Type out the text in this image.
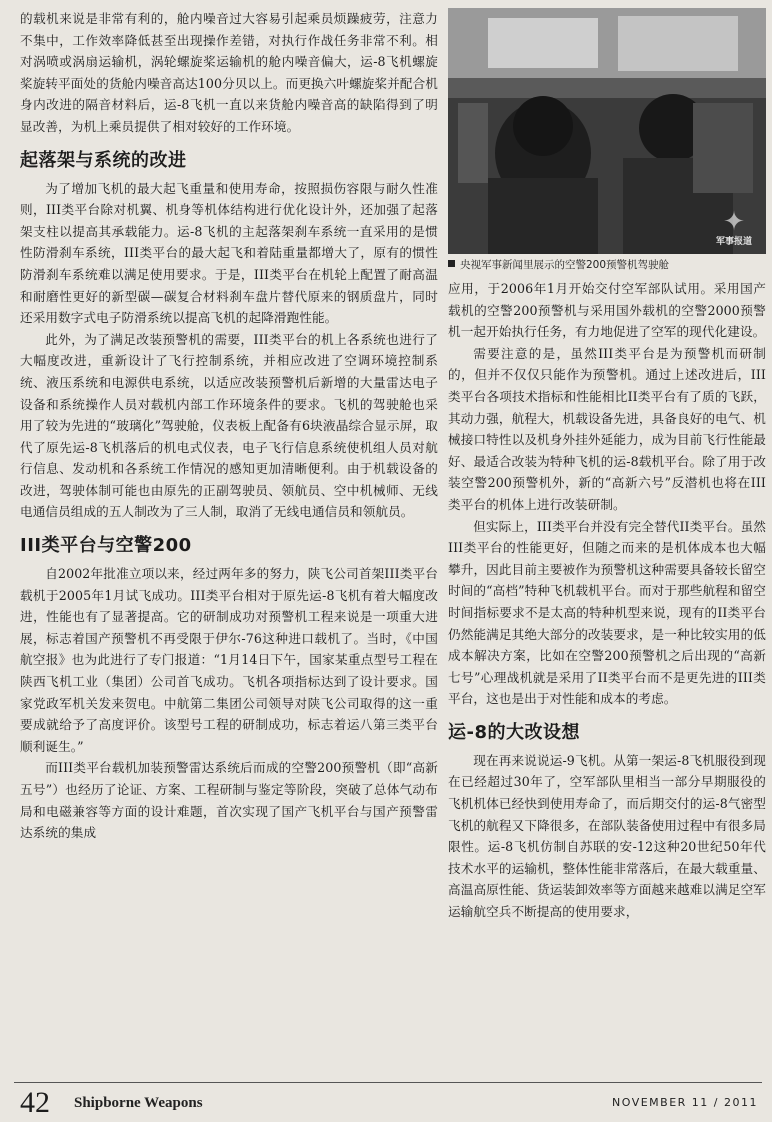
的载机来说是非常有利的，舱内噪音过大容易引起乘员烦躁疲劳，注意力不集中，工作效率降低甚至出现操作差错，对执行作战任务非常不利。相对涡喷或涡扇运输机，涡轮螺旋桨运输机的舱内噪音偏大，运-8飞机螺旋桨旋转平面处的货舱内噪音高达100分贝以上。而更换六叶螺旋桨并配合机身内改进的隔音材料后，运-8飞机一直以来货舱内噪音高的缺陷得到了明显改善，为机上乘员提供了相对较好的工作环境。

起落架与系统的改进

为了增加飞机的最大起飞重量和使用寿命，按照损伤容限与耐久性准则，III类平台除对机翼、机身等机体结构进行优化设计外，还加强了起落架支柱以提高其承载能力。运-8飞机的主起落架刹车系统一直采用的是惯性防滑刹车系统，III类平台的最大起飞和着陆重量都增大了，原有的惯性防滑刹车系统难以满足使用要求。于是，III类平台在机轮上配置了耐高温和耐磨性更好的新型碳—碳复合材料刹车盘片替代原来的钢质盘片，同时还采用数字式电子防滑系统以提高飞机的起降滑跑性能。

此外，为了满足改装预警机的需要，III类平台的机上各系统也进行了大幅度改进，重新设计了飞行控制系统，并相应改进了空调环境控制系统、液压系统和电源供电系统，以适应改装预警机后新增的大量雷达电子设备和系统操作人员对载机内部工作环境条件的要求。飞机的驾驶舱也采用了较为先进的“玻璃化”驾驶舱，仪表板上配备有6块液晶综合显示屏，取代了原先运-8飞机落后的机电式仪表，电子飞行信息系统使机组人员对航行信息、发动机和各系统工作情况的感知更加清晰便利。由于机载设备的改进，驾驶体制可能也由原先的正副驾驶员、领航员、空中机械师、无线电通信员组成的五人制改为了三人制，取消了无线电通信员和领航员。

III类平台与空警200

自2002年批准立项以来，经过两年多的努力，陕飞公司首架III类平台载机于2005年1月试飞成功。III类平台相对于原先运-8飞机有着大幅度改进，性能也有了显著提高。它的研制成功对预警机工程来说是一项重大进展，标志着国产预警机不再受限于伊尔-76这种进口载机了。当时，《中国航空报》也为此进行了专门报道：“1月14日下午，国家某重点型号工程在陕西飞机工业（集团）公司首飞成功。飞机各项指标达到了设计要求。国家党政军机关发来贺电。中航第二集团公司领导对陕飞公司取得的这一重要成就给予了高度评价。该型号工程的研制成功，标志着运八第三类平台顺利诞生。”

而III类平台载机加装预警雷达系统后而成的空警200预警机（即“高新五号”）也经历了论证、方案、工程研制与鉴定等阶段，突破了总体气动布局和电磁兼容等方面的设计难题，首次实现了国产飞机平台与国产预警雷达系统的集成

✦
军事报道
央视军事新闻里展示的空警200预警机驾驶舱

应用，于2006年1月开始交付空军部队试用。采用国产载机的空警200预警机与采用国外载机的空警2000预警机一起开始执行任务，有力地促进了空军的现代化建设。

需要注意的是，虽然III类平台是为预警机而研制的，但并不仅仅只能作为预警机。通过上述改进后，III类平台各项技术指标和性能相比II类平台有了质的飞跃，其动力强，航程大，机载设备先进，具备良好的电气、机械接口特性以及机身外挂外延能力，成为目前飞行性能最好、最适合改装为特种飞机的运-8载机平台。除了用于改装空警200预警机外，新的“高新六号”反潜机也将在III类平台的机体上进行改装研制。

但实际上，III类平台并没有完全替代II类平台。虽然III类平台的性能更好，但随之而来的是机体成本也大幅攀升，因此目前主要被作为预警机这种需要具备较长留空时间的“高档”特种飞机载机平台。而对于那些航程和留空时间指标要求不是太高的特种机型来说，现有的II类平台仍然能满足其绝大部分的改装要求，是一种比较实用的低成本解决方案，比如在空警200预警机之后出现的“高新七号”心理战机就是采用了II类平台而不是更先进的III类平台，这也是出于对性能和成本的考虑。

运-8的大改设想

现在再来说说运-9飞机。从第一架运-8飞机服役到现在已经超过30年了，空军部队里相当一部分早期服役的飞机机体已经快到使用寿命了，而后期交付的运-8气密型飞机的航程又下降很多，在部队装备使用过程中有很多局限性。运-8飞机仿制自苏联的安-12这种20世纪50年代技术水平的运输机，整体性能非常落后，在最大载重量、高温高原性能、货运装卸效率等方面越来越难以满足空军运输航空兵不断提高的使用要求，

42 Shipborne Weapons	NOVEMBER 11 / 2011
